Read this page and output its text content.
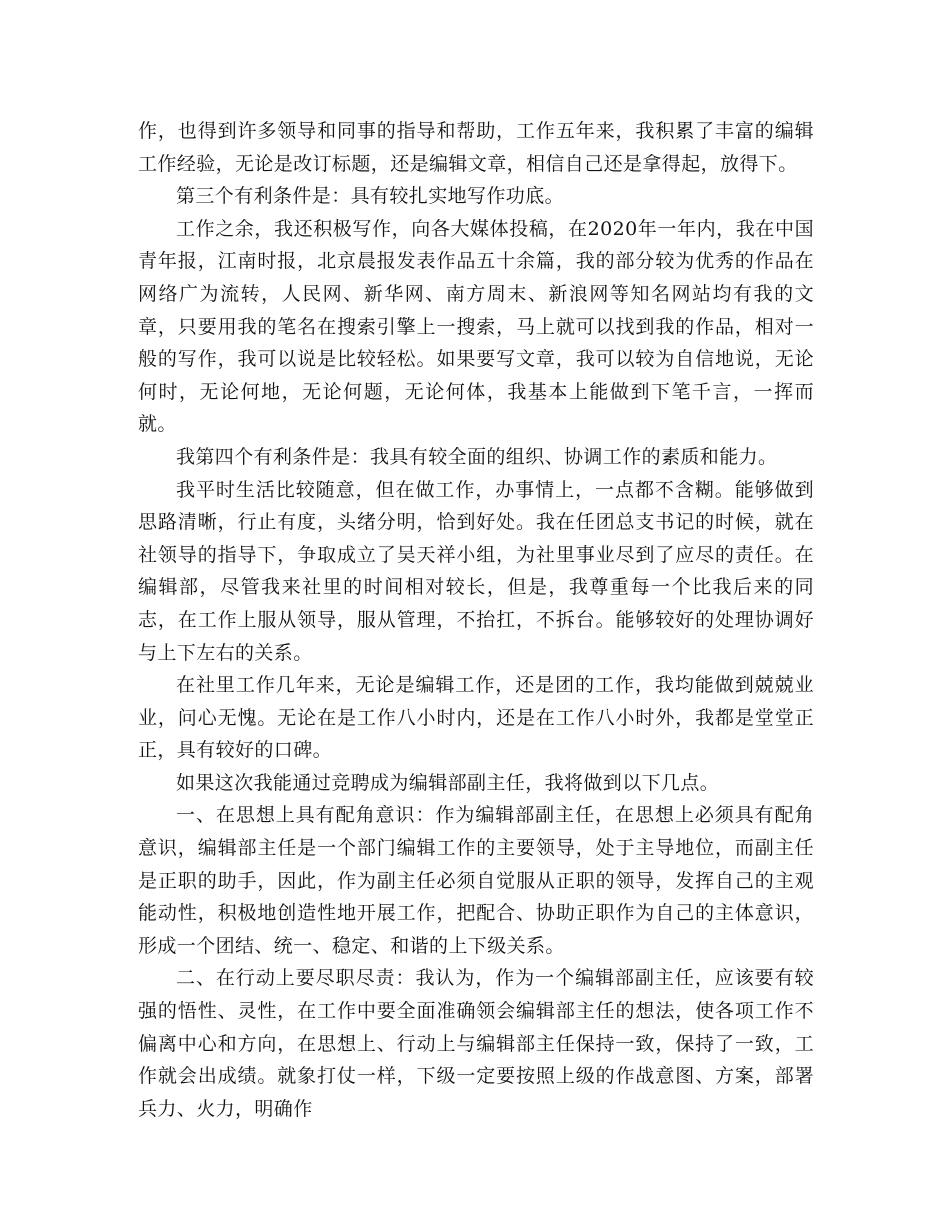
作，也得到许多领导和同事的指导和帮助，工作五年来，我积累了丰富的编辑工作经验，无论是改订标题，还是编辑文章，相信自己还是拿得起，放得下。

第三个有利条件是：具有较扎实地写作功底。

工作之余，我还积极写作，向各大媒体投稿，在2020年一年内，我在中国青年报，江南时报，北京晨报发表作品五十余篇，我的部分较为优秀的作品在网络广为流转，人民网、新华网、南方周末、新浪网等知名网站均有我的文章，只要用我的笔名在搜索引擎上一搜索，马上就可以找到我的作品，相对一般的写作，我可以说是比较轻松。如果要写文章，我可以较为自信地说，无论何时，无论何地，无论何题，无论何体，我基本上能做到下笔千言，一挥而就。

我第四个有利条件是：我具有较全面的组织、协调工作的素质和能力。

我平时生活比较随意，但在做工作，办事情上，一点都不含糊。能够做到思路清晰，行止有度，头绪分明，恰到好处。我在任团总支书记的时候，就在社领导的指导下，争取成立了吴天祥小组，为社里事业尽到了应尽的责任。在编辑部，尽管我来社里的时间相对较长，但是，我尊重每一个比我后来的同志，在工作上服从领导，服从管理，不抬扛，不拆台。能够较好的处理协调好与上下左右的关系。

在社里工作几年来，无论是编辑工作，还是团的工作，我均能做到兢兢业业，问心无愧。无论在是工作八小时内，还是在工作八小时外，我都是堂堂正正，具有较好的口碑。

如果这次我能通过竞聘成为编辑部副主任，我将做到以下几点。

一、在思想上具有配角意识：作为编辑部副主任，在思想上必须具有配角意识，编辑部主任是一个部门编辑工作的主要领导，处于主导地位，而副主任是正职的助手，因此，作为副主任必须自觉服从正职的领导，发挥自己的主观能动性，积极地创造性地开展工作，把配合、协助正职作为自己的主体意识，形成一个团结、统一、稳定、和谐的上下级关系。

二、在行动上要尽职尽责：我认为，作为一个编辑部副主任，应该要有较强的悟性、灵性，在工作中要全面准确领会编辑部主任的想法，使各项工作不偏离中心和方向，在思想上、行动上与编辑部主任保持一致，保持了一致，工作就会出成绩。就象打仗一样，下级一定要按照上级的作战意图、方案，部署兵力、火力，明确作
